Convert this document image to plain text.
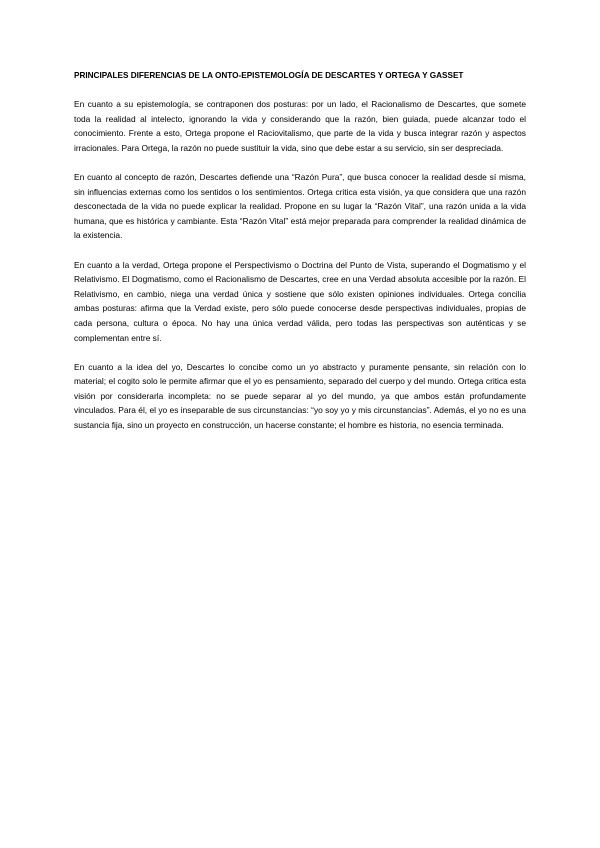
PRINCIPALES DIFERENCIAS DE LA ONTO-EPISTEMOLOGÍA DE DESCARTES Y ORTEGA Y GASSET

En cuanto a su epistemología, se contraponen dos posturas: por un lado, el Racionalismo de Descartes, que somete toda la realidad al intelecto, ignorando la vida y considerando que la razón, bien guiada, puede alcanzar todo el conocimiento. Frente a esto, Ortega propone el Raciovitalismo, que parte de la vida y busca integrar razón y aspectos irracionales. Para Ortega, la razón no puede sustituir la vida, sino que debe estar a su servicio, sin ser despreciada.

En cuanto al concepto de razón, Descartes defiende una “Razón Pura”, que busca conocer la realidad desde sí misma, sin influencias externas como los sentidos o los sentimientos. Ortega critica esta visión, ya que considera que una razón desconectada de la vida no puede explicar la realidad. Propone en su lugar la “Razón Vital”, una razón unida a la vida humana, que es histórica y cambiante. Esta “Razón Vital” está mejor preparada para comprender la realidad dinámica de la existencia.

En cuanto a la verdad, Ortega propone el Perspectivismo o Doctrina del Punto de Vista, superando el Dogmatismo y el Relativismo. El Dogmatismo, como el Racionalismo de Descartes, cree en una Verdad absoluta accesible por la razón. El Relativismo, en cambio, niega una verdad única y sostiene que sólo existen opiniones individuales. Ortega concilia ambas posturas: afirma que la Verdad existe, pero sólo puede conocerse desde perspectivas individuales, propias de cada persona, cultura o época. No hay una única verdad válida, pero todas las perspectivas son auténticas y se complementan entre sí.

En cuanto a la idea del yo, Descartes lo concibe como un yo abstracto y puramente pensante, sin relación con lo material; el cogito solo le permite afirmar que el yo es pensamiento, separado del cuerpo y del mundo. Ortega critica esta visión por considerarla incompleta: no se puede separar al yo del mundo, ya que ambos están profundamente vinculados. Para él, el yo es inseparable de sus circunstancias: “yo soy yo y mis circunstancias”. Además, el yo no es una sustancia fija, sino un proyecto en construcción, un hacerse constante; el hombre es historia, no esencia terminada.
